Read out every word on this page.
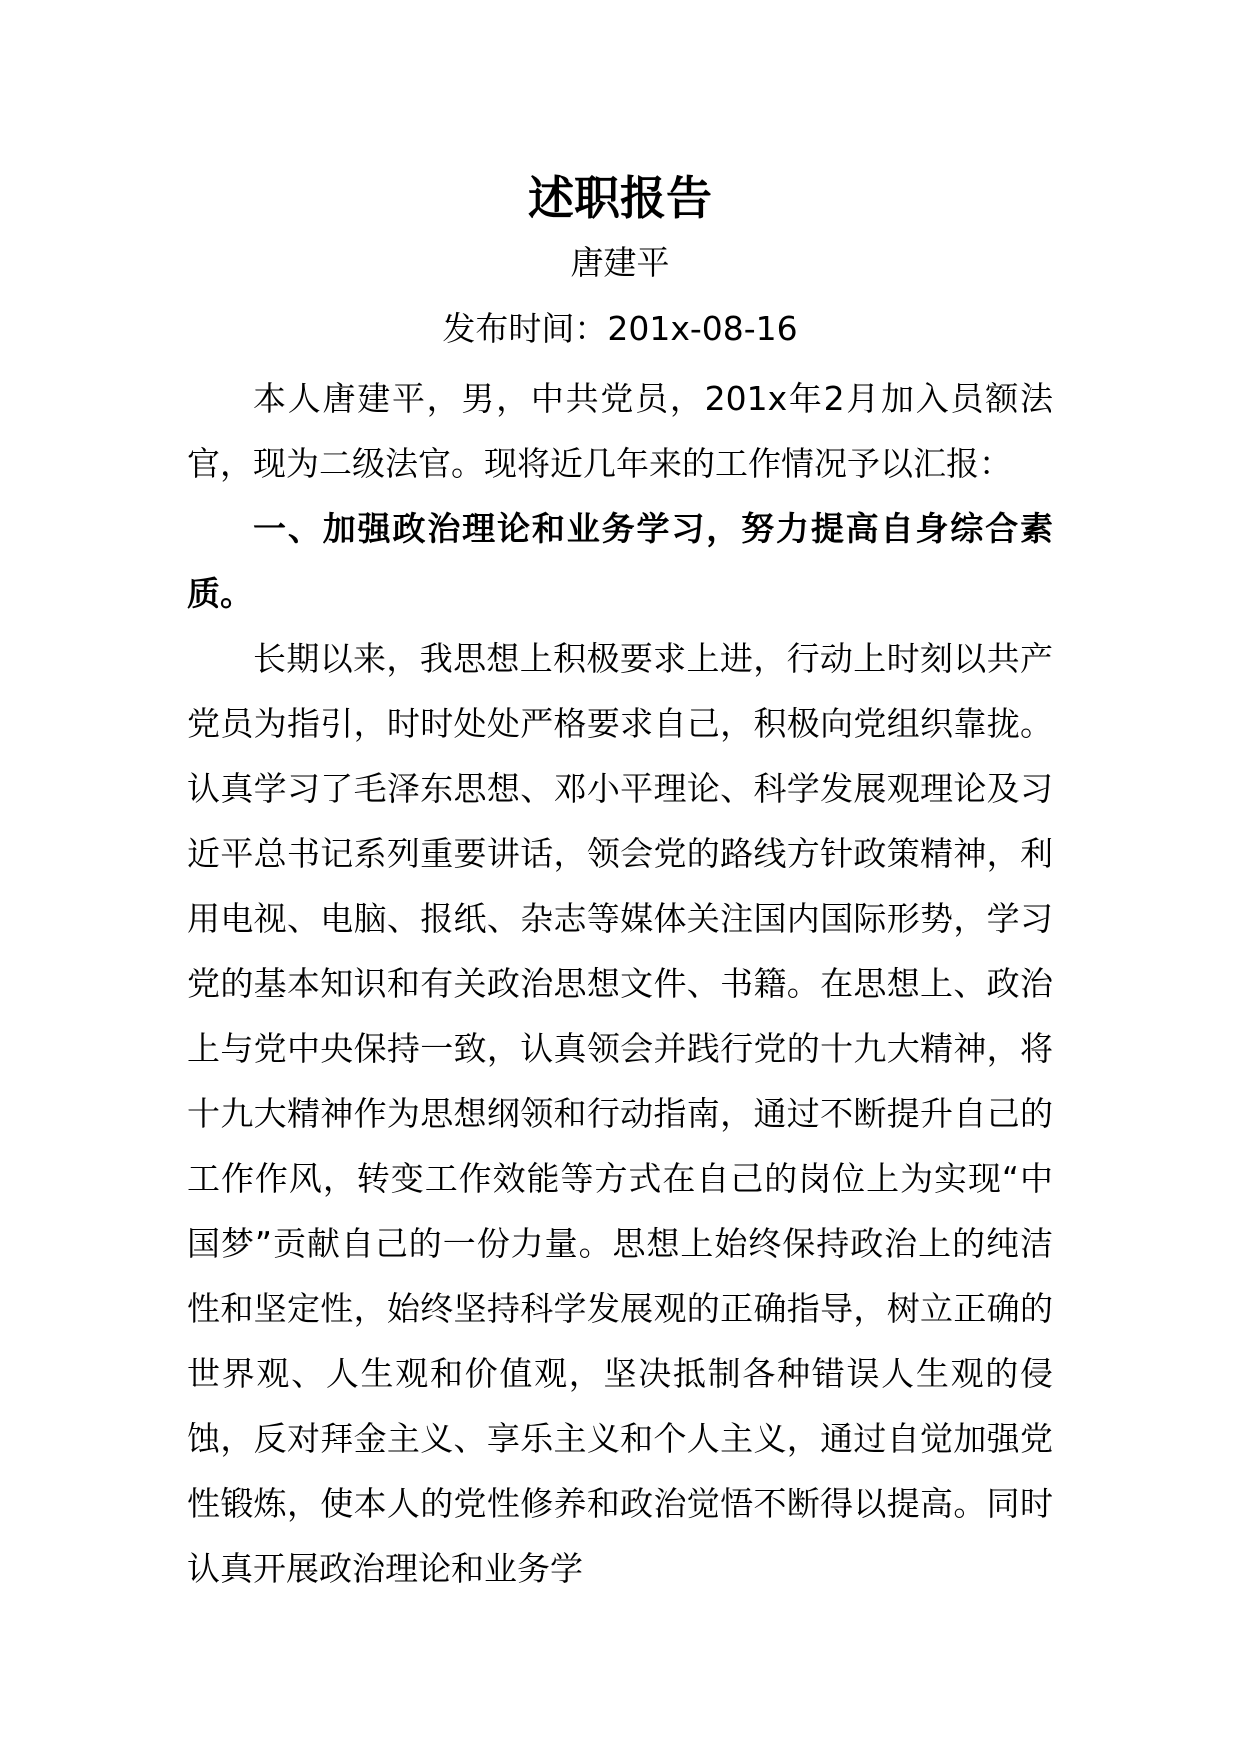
述职报告

唐建平

发布时间：201x-08-16

本人唐建平，男，中共党员，201x年2月加入员额法官，现为二级法官。现将近几年来的工作情况予以汇报：

一、加强政治理论和业务学习，努力提高自身综合素质。

长期以来，我思想上积极要求上进，行动上时刻以共产党员为指引，时时处处严格要求自己，积极向党组织靠拢。认真学习了毛泽东思想、邓小平理论、科学发展观理论及习近平总书记系列重要讲话，领会党的路线方针政策精神，利用电视、电脑、报纸、杂志等媒体关注国内国际形势，学习党的基本知识和有关政治思想文件、书籍。在思想上、政治上与党中央保持一致，认真领会并践行党的十九大精神，将十九大精神作为思想纲领和行动指南，通过不断提升自己的工作作风，转变工作效能等方式在自己的岗位上为实现“中国梦”贡献自己的一份力量。思想上始终保持政治上的纯洁性和坚定性，始终坚持科学发展观的正确指导，树立正确的世界观、人生观和价值观，坚决抵制各种错误人生观的侵蚀，反对拜金主义、享乐主义和个人主义，通过自觉加强党性锻炼，使本人的党性修养和政治觉悟不断得以提高。同时认真开展政治理论和业务学
